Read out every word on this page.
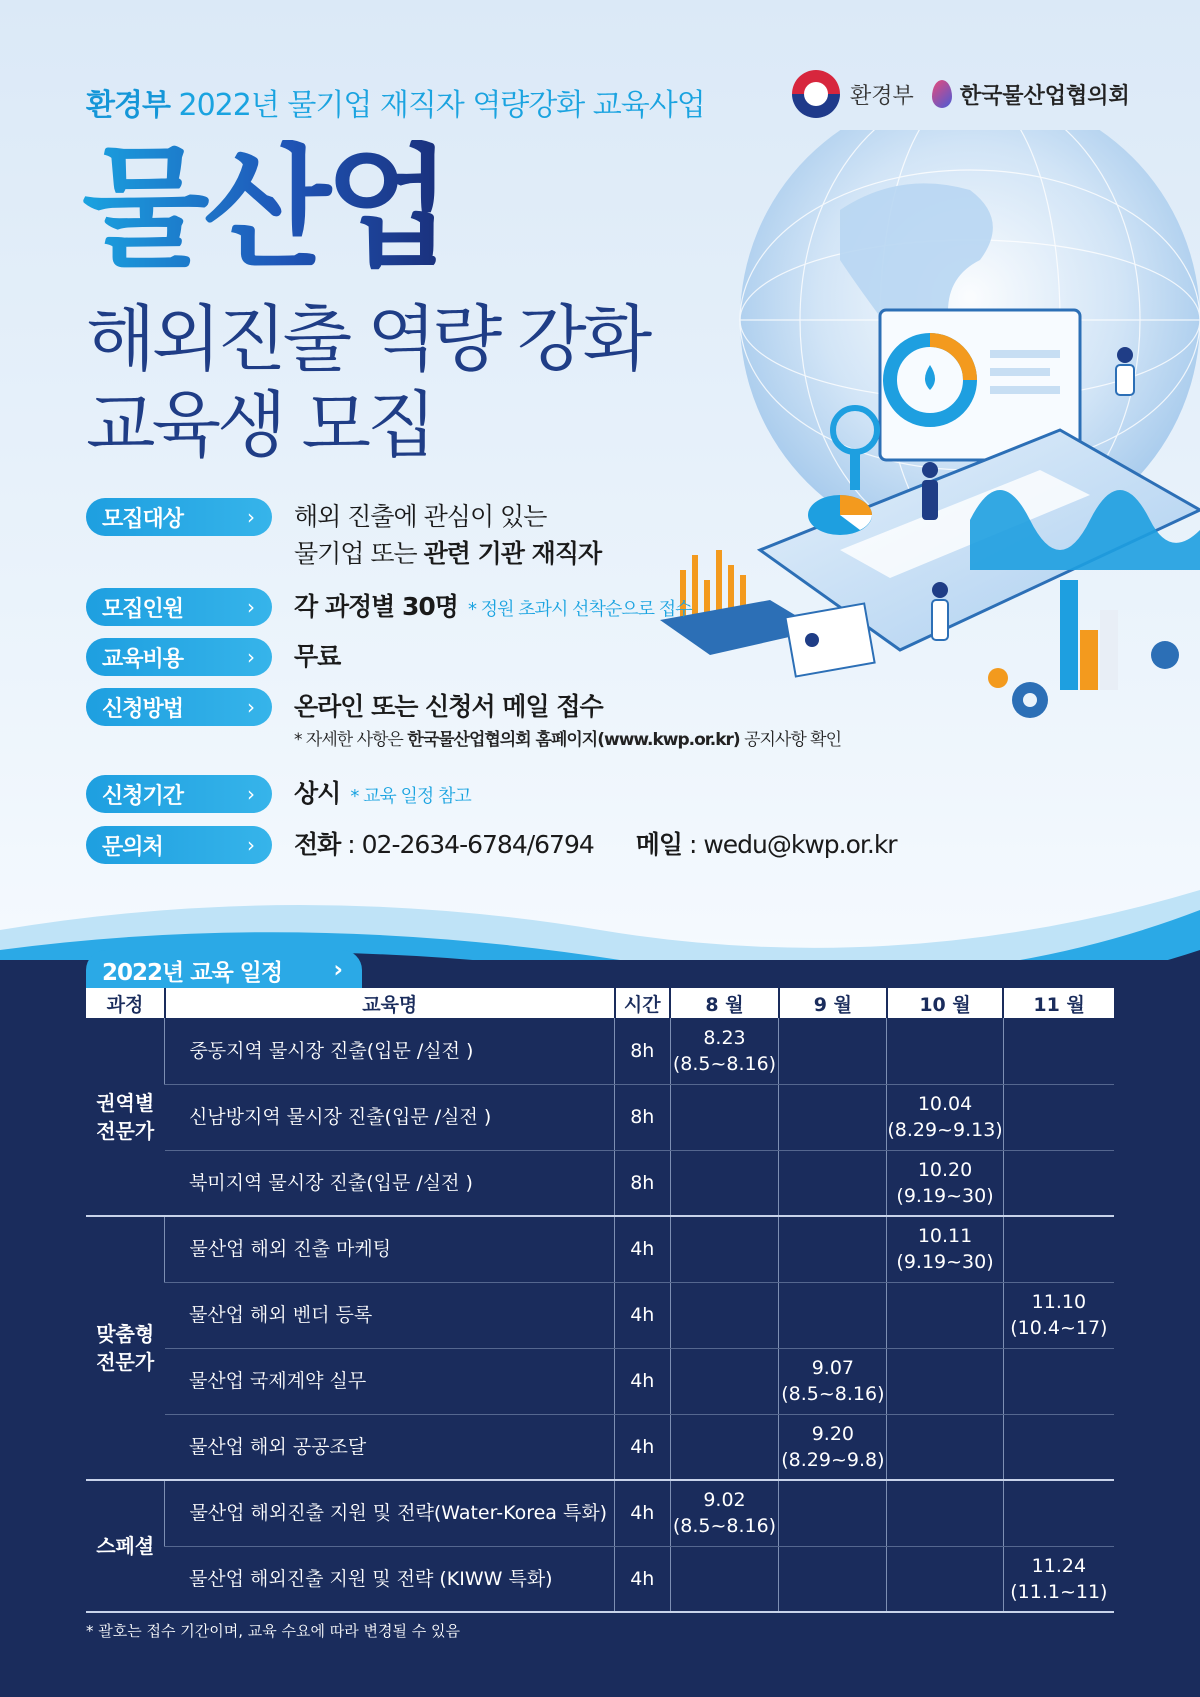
환경부 2022년 물기업 재직자 역량강화 교육사업	환경부 한국물산업협의회
물산업
해외진출 역량 강화
교육생 모집
모집대상	› 해외 진출에 관심이 있는
물기업 또는 관련 기관 재직자
모집인원	› 각 과정별 30명 * 정원 초과시 선착순으로 접수
교육비용	› 무료
신청방법	› 온라인 또는 신청서 메일 접수
* 자세한 사항은 한국물산업협의회 홈페이지(www.kwp.or.kr) 공지사항 확인
신청기간	› 상시 * 교육 일정 참고
문의처	› 전화 : 02-2634-6784/6794 메일 : wedu@kwp.or.kr
2022년 교육 일정 ›
과정	교육명	시간	8 월	9 월	10 월	11 월
권역별
전문가	중동지역 물시장 진출(입문 /실전 )	8h	8.23
(8.5~8.16)			
	신남방지역 물시장 진출(입문 /실전 )	8h			10.04
(8.29~9.13)	
	북미지역 물시장 진출(입문 /실전 )	8h			10.20
(9.19~30)	
맞춤형
전문가	물산업 해외 진출 마케팅	4h			10.11
(9.19~30)	
	물산업 해외 벤더 등록	4h				11.10
(10.4~17)
	물산업 국제계약 실무	4h		9.07
(8.5~8.16)		
	물산업 해외 공공조달	4h		9.20
(8.29~9.8)		
스페셜	물산업 해외진출 지원 및 전략(Water-Korea 특화)	4h	9.02
(8.5~8.16)			
	물산업 해외진출 지원 및 전략 (KIWW 특화)	4h				11.24
(11.1~11)
* 괄호는 접수 기간이며, 교육 수요에 따라 변경될 수 있음
